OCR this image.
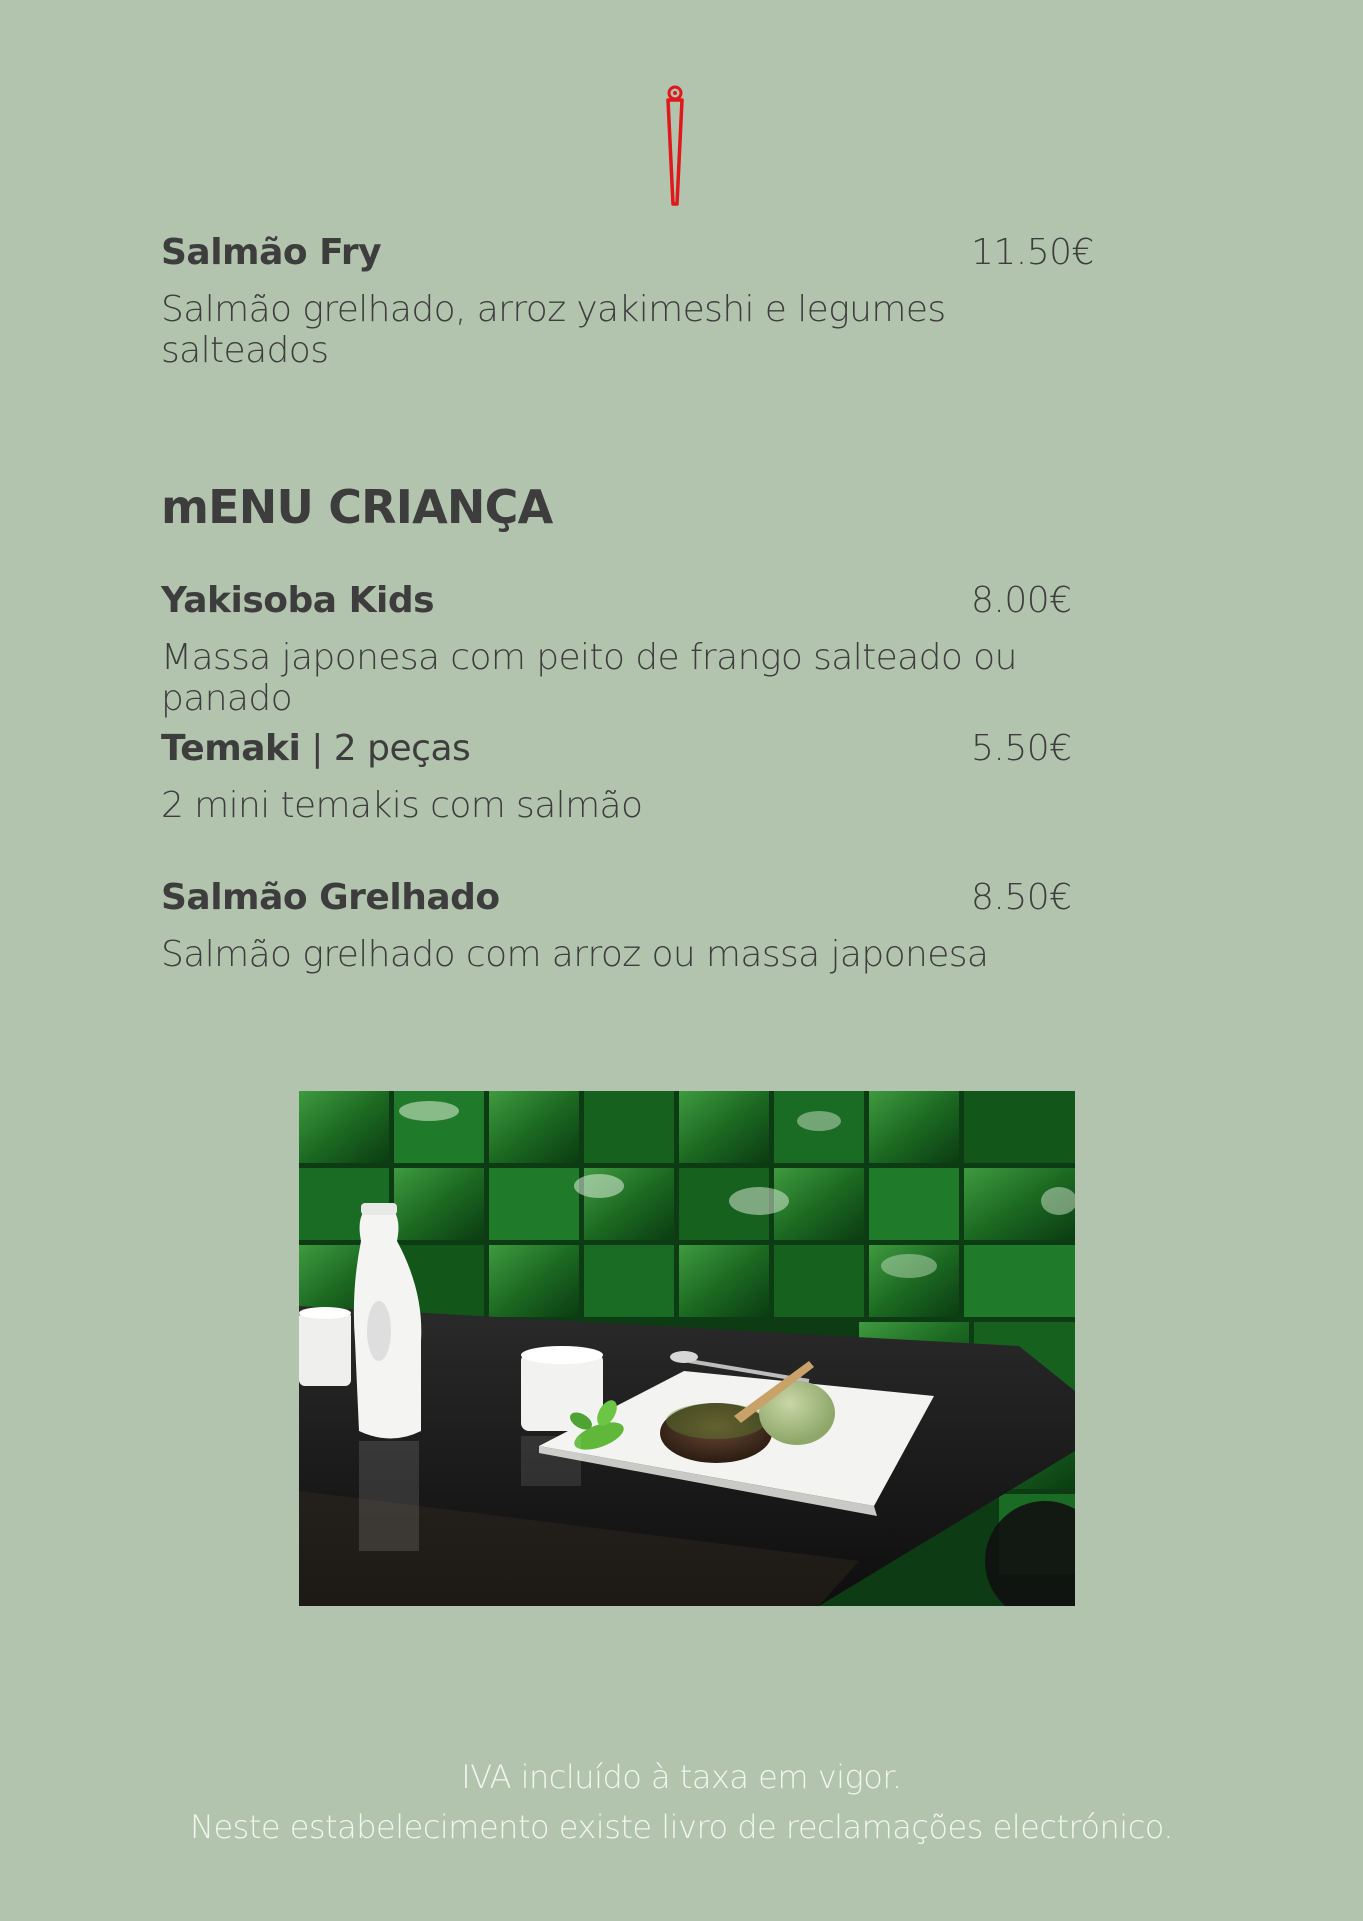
Salmão Fry	11.50€
Salmão grelhado, arroz yakimeshi e legumes salteados
mENU CRIANÇA
Yakisoba Kids	8.00€
Massa japonesa com peito de frango salteado ou panado
Temaki | 2 peças	5.50€
2 mini temakis com salmão
Salmão Grelhado	8.50€
Salmão grelhado com arroz ou massa japonesa
IVA incluído à taxa em vigor.
Neste estabelecimento existe livro de reclamações electrónico.
